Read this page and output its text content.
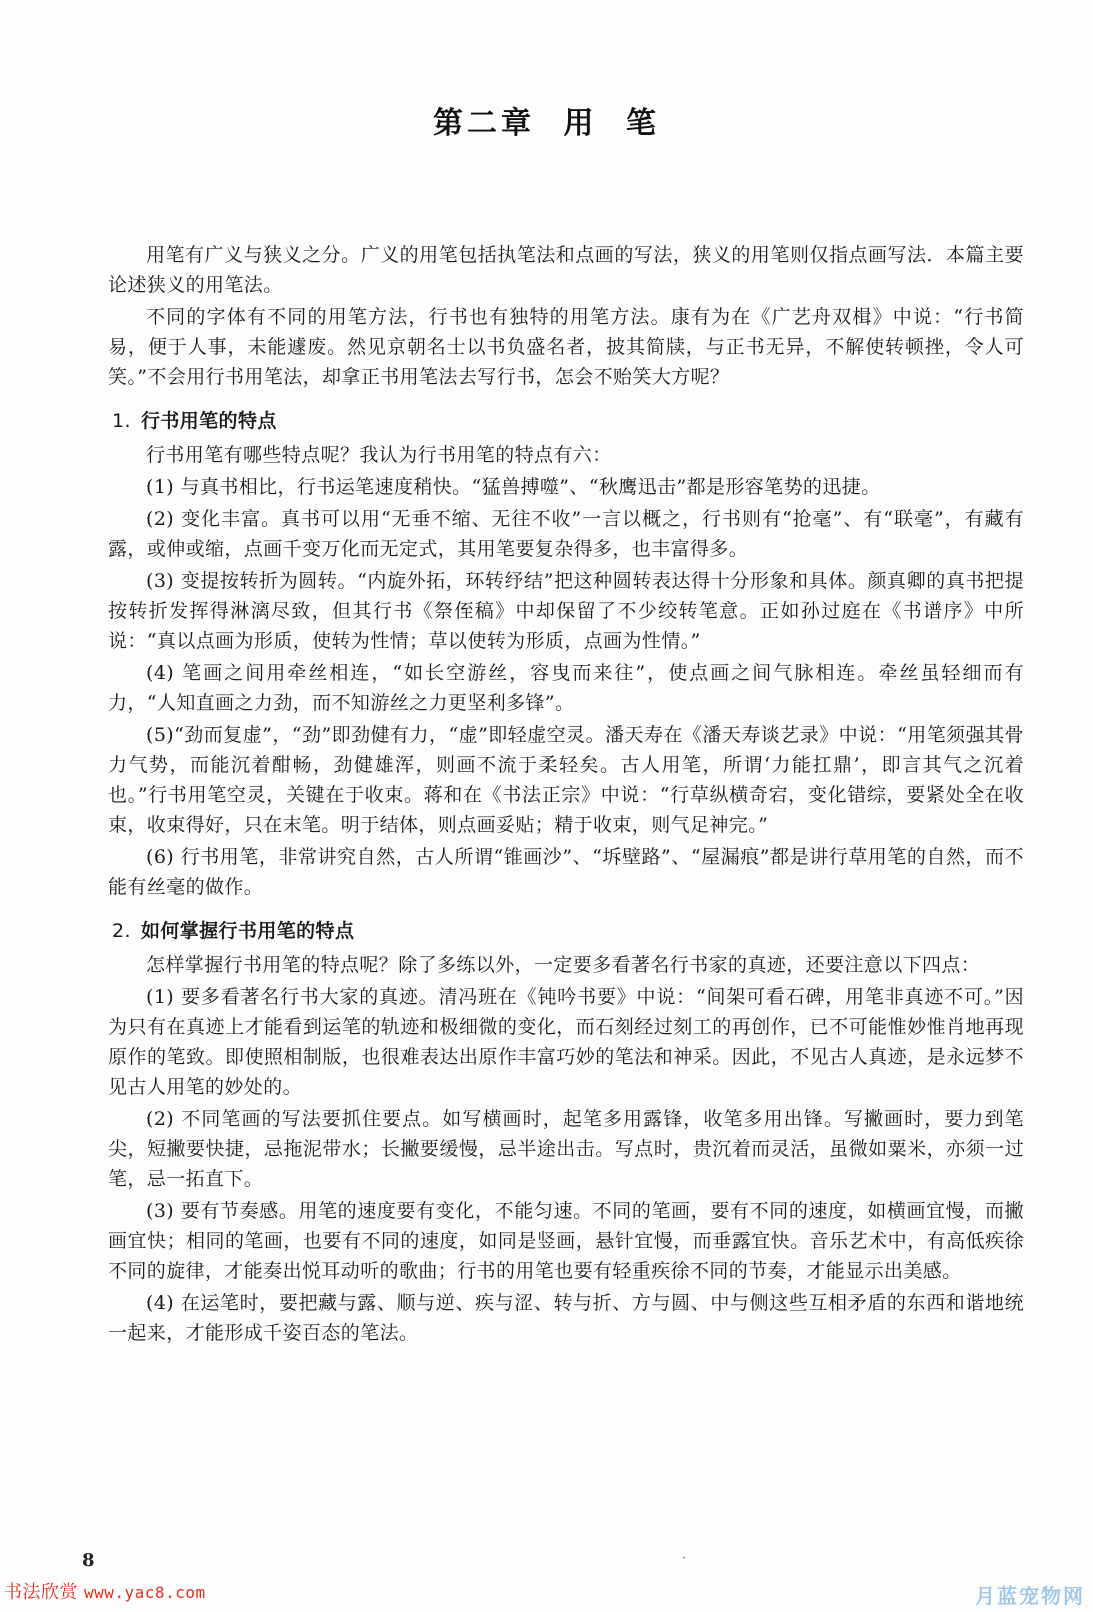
第二章 用 笔

用笔有广义与狭义之分。广义的用笔包括执笔法和点画的写法，狭义的用笔则仅指点画写法．本篇主要论述狭义的用笔法。

不同的字体有不同的用笔方法，行书也有独特的用笔方法。康有为在《广艺舟双楫》中说：“行书简易，便于人事，未能遽废。然见京朝名士以书负盛名者，披其简牍，与正书无异，不解使转顿挫，令人可笑。”不会用行书用笔法，却拿正书用笔法去写行书，怎会不贻笑大方呢？

1. 行书用笔的特点

行书用笔有哪些特点呢？我认为行书用笔的特点有六：

(1) 与真书相比，行书运笔速度稍快。“猛兽搏噬”、“秋鹰迅击”都是形容笔势的迅捷。

(2) 变化丰富。真书可以用“无垂不缩、无往不收”一言以概之，行书则有“抢毫”、有“联毫”，有藏有露，或伸或缩，点画千变万化而无定式，其用笔要复杂得多，也丰富得多。

(3) 变提按转折为圆转。“内旋外拓，环转纾结”把这种圆转表达得十分形象和具体。颜真卿的真书把提按转折发挥得淋漓尽致，但其行书《祭侄稿》中却保留了不少绞转笔意。正如孙过庭在《书谱序》中所说：“真以点画为形质，使转为性情；草以使转为形质，点画为性情。”

(4) 笔画之间用牵丝相连，“如长空游丝，容曳而来往”，使点画之间气脉相连。牵丝虽轻细而有力，“人知直画之力劲，而不知游丝之力更坚利多锋”。

(5)“劲而复虚”，“劲”即劲健有力，“虚”即轻虚空灵。潘天寿在《潘天寿谈艺录》中说：“用笔须强其骨力气势，而能沉着酣畅，劲健雄浑，则画不流于柔轻矣。古人用笔，所谓‘力能扛鼎’，即言其气之沉着也。”行书用笔空灵，关键在于收束。蒋和在《书法正宗》中说：“行草纵横奇宕，变化错综，要紧处全在收束，收束得好，只在末笔。明于结体，则点画妥贴；精于收束，则气足神完。”

(6) 行书用笔，非常讲究自然，古人所谓“锥画沙”、“坼壁路”、“屋漏痕”都是讲行草用笔的自然，而不能有丝毫的做作。

2. 如何掌握行书用笔的特点

怎样掌握行书用笔的特点呢？除了多练以外，一定要多看著名行书家的真迹，还要注意以下四点：

(1) 要多看著名行书大家的真迹。清冯班在《钝吟书要》中说：“间架可看石碑，用笔非真迹不可。”因为只有在真迹上才能看到运笔的轨迹和极细微的变化，而石刻经过刻工的再创作，已不可能惟妙惟肖地再现原作的笔致。即使照相制版，也很难表达出原作丰富巧妙的笔法和神采。因此，不见古人真迹，是永远梦不见古人用笔的妙处的。

(2) 不同笔画的写法要抓住要点。如写横画时，起笔多用露锋，收笔多用出锋。写撇画时，要力到笔尖，短撇要快捷，忌拖泥带水；长撇要缓慢，忌半途出击。写点时，贵沉着而灵活，虽微如粟米，亦须一过笔，忌一拓直下。

(3) 要有节奏感。用笔的速度要有变化，不能匀速。不同的笔画，要有不同的速度，如横画宜慢，而撇画宜快；相同的笔画，也要有不同的速度，如同是竖画，悬针宜慢，而垂露宜快。音乐艺术中，有高低疾徐不同的旋律，才能奏出悦耳动听的歌曲；行书的用笔也要有轻重疾徐不同的节奏，才能显示出美感。

(4) 在运笔时，要把藏与露、顺与逆、疾与涩、转与折、方与圆、中与侧这些互相矛盾的东西和谐地统一起来，才能形成千姿百态的笔法。

8	·
书法欣赏 www.yac8.com	月蓝宠物网
